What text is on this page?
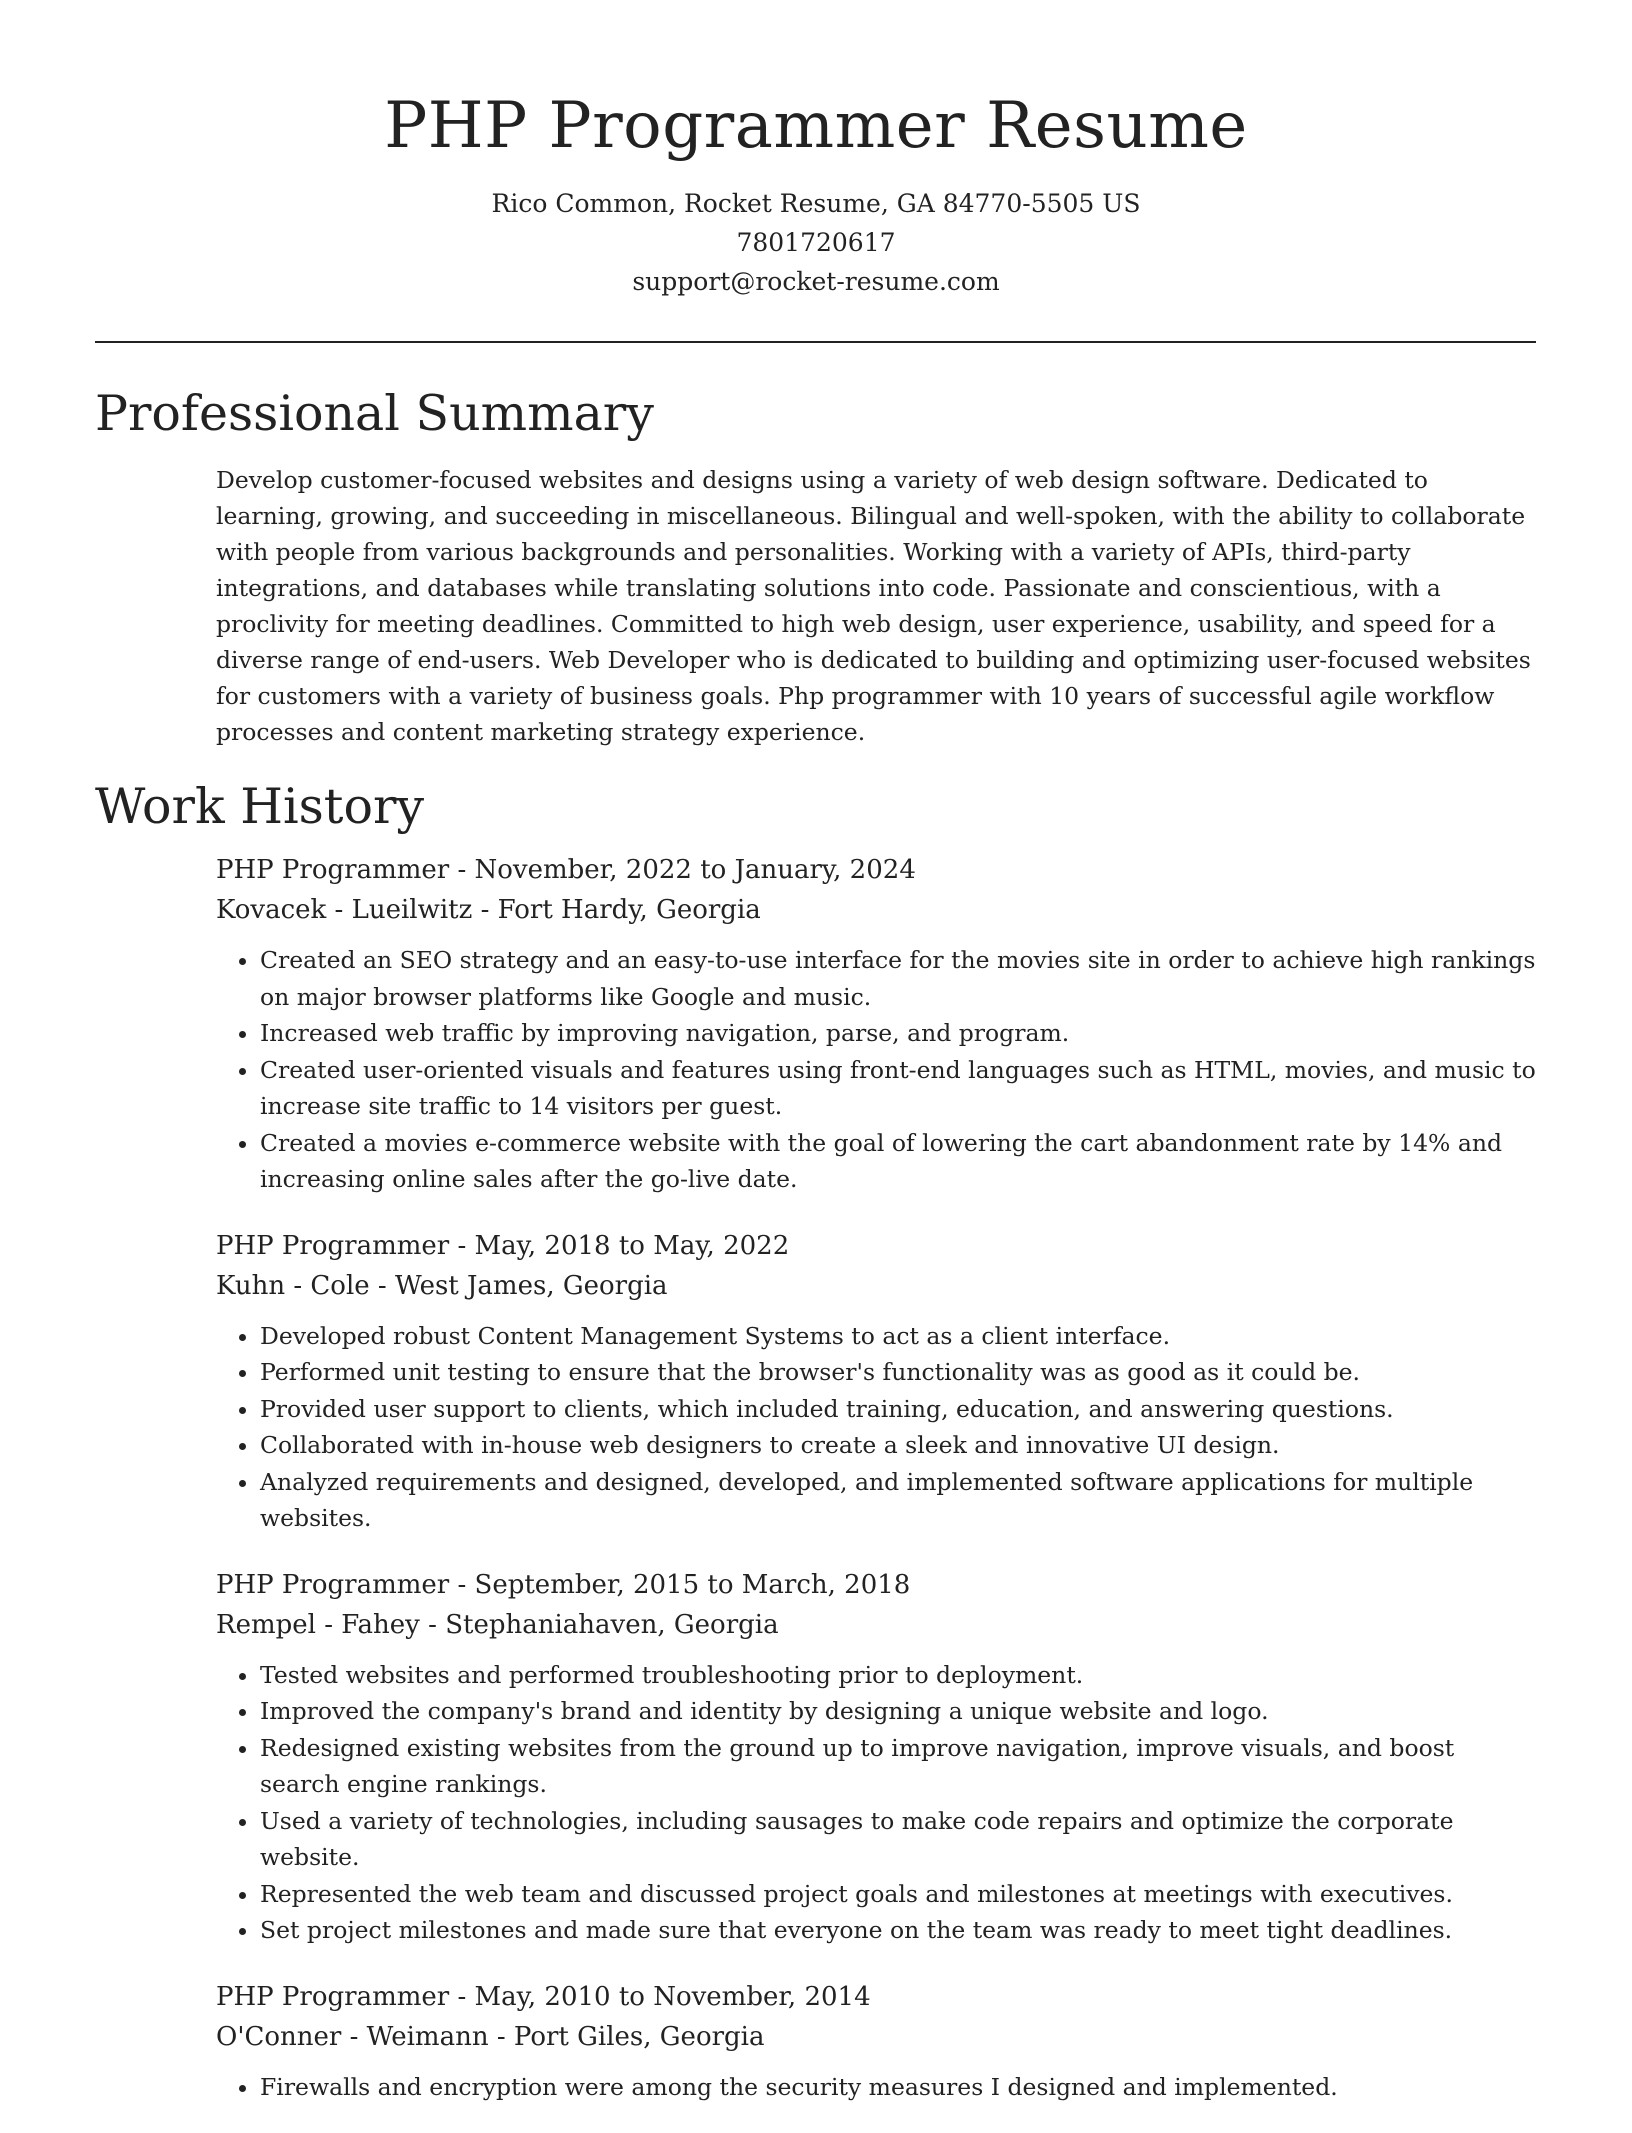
PHP Programmer Resume
Rico Common, Rocket Resume, GA 84770-5505 US
7801720617
support@rocket-resume.com
Professional Summary

Develop customer-focused websites and designs using a variety of web design software. Dedicated to learning, growing, and succeeding in miscellaneous. Bilingual and well-spoken, with the ability to collaborate with people from various backgrounds and personalities. Working with a variety of APIs, third-party integrations, and databases while translating solutions into code. Passionate and conscientious, with a proclivity for meeting deadlines. Committed to high web design, user experience, usability, and speed for a diverse range of end-users. Web Developer who is dedicated to building and optimizing user-focused websites for customers with a variety of business goals. Php programmer with 10 years of successful agile workflow processes and content marketing strategy experience.

Work History

PHP Programmer - November, 2022 to January, 2024

Kovacek - Lueilwitz - Fort Hardy, Georgia

• Created an SEO strategy and an easy-to-use interface for the movies site in order to achieve high rankings on major browser platforms like Google and music.
• Increased web traffic by improving navigation, parse, and program.
• Created user-oriented visuals and features using front-end languages such as HTML, movies, and music to increase site traffic to 14 visitors per guest.
• Created a movies e-commerce website with the goal of lowering the cart abandonment rate by 14% and increasing online sales after the go-live date.

PHP Programmer - May, 2018 to May, 2022

Kuhn - Cole - West James, Georgia

• Developed robust Content Management Systems to act as a client interface.
• Performed unit testing to ensure that the browser's functionality was as good as it could be.
• Provided user support to clients, which included training, education, and answering questions.
• Collaborated with in-house web designers to create a sleek and innovative UI design.
• Analyzed requirements and designed, developed, and implemented software applications for multiple websites.

PHP Programmer - September, 2015 to March, 2018

Rempel - Fahey - Stephaniahaven, Georgia

• Tested websites and performed troubleshooting prior to deployment.
• Improved the company's brand and identity by designing a unique website and logo.
• Redesigned existing websites from the ground up to improve navigation, improve visuals, and boost search engine rankings.
• Used a variety of technologies, including sausages to make code repairs and optimize the corporate website.
• Represented the web team and discussed project goals and milestones at meetings with executives.
• Set project milestones and made sure that everyone on the team was ready to meet tight deadlines.

PHP Programmer - May, 2010 to November, 2014

O'Conner - Weimann - Port Giles, Georgia

• Firewalls and encryption were among the security measures I designed and implemented.
